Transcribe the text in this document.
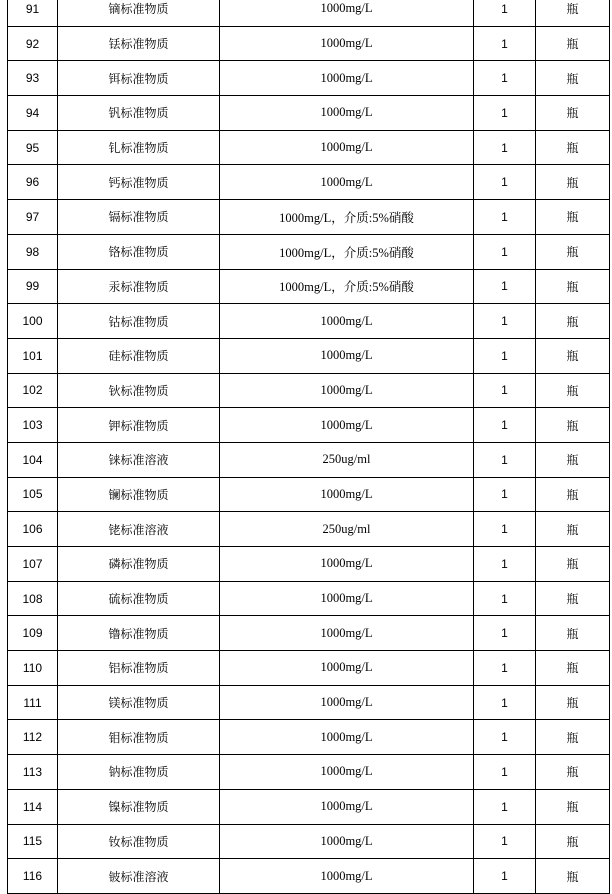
91	镝标准物质	1000mg/L	1	瓶
92	铥标准物质	1000mg/L	1	瓶
93	铒标准物质	1000mg/L	1	瓶
94	钒标准物质	1000mg/L	1	瓶
95	钆标准物质	1000mg/L	1	瓶
96	钙标准物质	1000mg/L	1	瓶
97	镉标准物质	1000mg/L，介质:5%硝酸	1	瓶
98	铬标准物质	1000mg/L，介质:5%硝酸	1	瓶
99	汞标准物质	1000mg/L，介质:5%硝酸	1	瓶
100	钴标准物质	1000mg/L	1	瓶
101	硅标准物质	1000mg/L	1	瓶
102	钬标准物质	1000mg/L	1	瓶
103	钾标准物质	1000mg/L	1	瓶
104	铼标准溶液	250ug/ml	1	瓶
105	镧标准物质	1000mg/L	1	瓶
106	铑标准溶液	250ug/ml	1	瓶
107	磷标准物质	1000mg/L	1	瓶
108	硫标准物质	1000mg/L	1	瓶
109	镥标准物质	1000mg/L	1	瓶
110	铝标准物质	1000mg/L	1	瓶
111	镁标准物质	1000mg/L	1	瓶
112	钼标准物质	1000mg/L	1	瓶
113	钠标准物质	1000mg/L	1	瓶
114	镍标准物质	1000mg/L	1	瓶
115	钕标准物质	1000mg/L	1	瓶
116	铍标准溶液	1000mg/L	1	瓶
